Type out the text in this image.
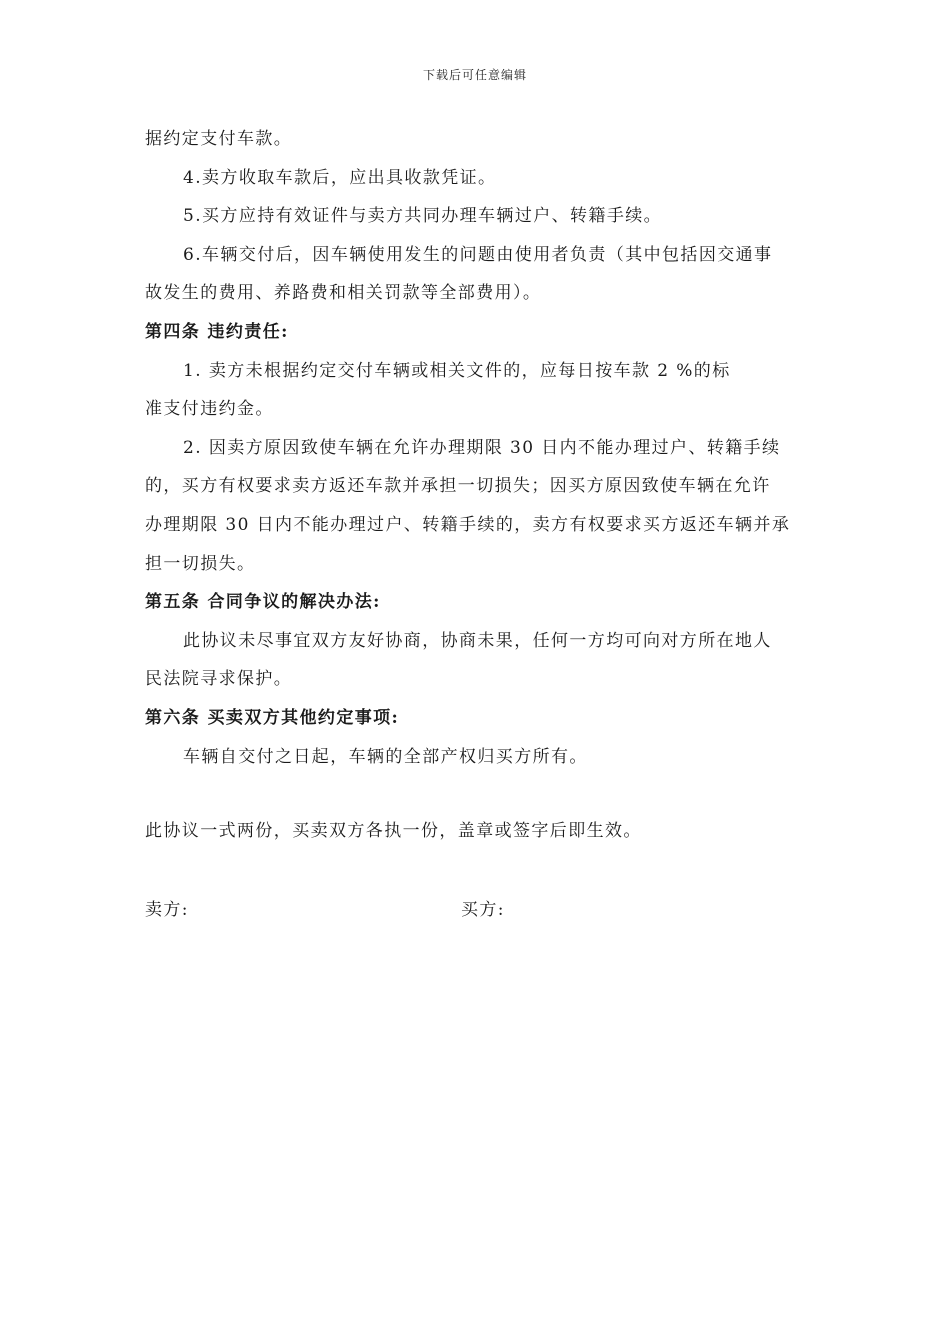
下载后可任意编辑
据约定支付车款。
4.卖方收取车款后，应出具收款凭证。
5.买方应持有效证件与卖方共同办理车辆过户、转籍手续。
6.车辆交付后，因车辆使用发生的问题由使用者负责（其中包括因交通事
故发生的费用、养路费和相关罚款等全部费用）。
第四条 违约责任:
1. 卖方未根据约定交付车辆或相关文件的，应每日按车款 2 %的标
准支付违约金。
2. 因卖方原因致使车辆在允许办理期限 30 日内不能办理过户、转籍手续
的，买方有权要求卖方返还车款并承担一切损失；因买方原因致使车辆在允许
办理期限 30 日内不能办理过户、转籍手续的，卖方有权要求买方返还车辆并承
担一切损失。
第五条 合同争议的解决办法:
此协议未尽事宜双方友好协商，协商未果，任何一方均可向对方所在地人
民法院寻求保护。
第六条 买卖双方其他约定事项:
车辆自交付之日起，车辆的全部产权归买方所有。
此协议一式两份，买卖双方各执一份，盖章或签字后即生效。
卖方:	买方:
